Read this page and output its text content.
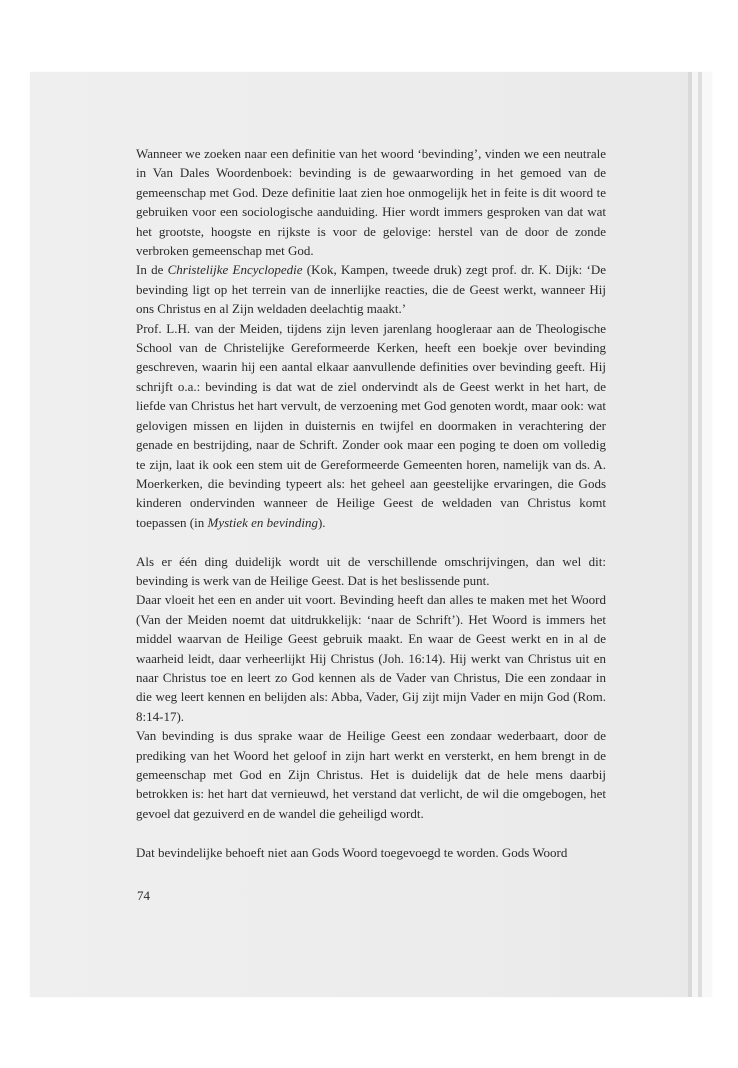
Wanneer we zoeken naar een definitie van het woord ‘bevinding’, vinden we een neutrale in Van Dales Woordenboek: bevinding is de gewaarwording in het gemoed van de gemeenschap met God. Deze definitie laat zien hoe onmogelijk het in feite is dit woord te gebruiken voor een sociologische aanduiding. Hier wordt immers gesproken van dat wat het grootste, hoogste en rijkste is voor de gelovige: herstel van de door de zonde verbroken gemeenschap met God.

In de Christelijke Encyclopedie (Kok, Kampen, tweede druk) zegt prof. dr. K. Dijk: ‘De bevinding ligt op het terrein van de innerlijke reacties, die de Geest werkt, wanneer Hij ons Christus en al Zijn weldaden deelachtig maakt.’

Prof. L.H. van der Meiden, tijdens zijn leven jarenlang hoogleraar aan de Theologische School van de Christelijke Gereformeerde Kerken, heeft een boekje over bevinding geschreven, waarin hij een aantal elkaar aanvullende definities over bevinding geeft. Hij schrijft o.a.: bevinding is dat wat de ziel ondervindt als de Geest werkt in het hart, de liefde van Christus het hart vervult, de verzoening met God genoten wordt, maar ook: wat gelovigen missen en lijden in duisternis en twijfel en doormaken in verachtering der genade en bestrijding, naar de Schrift. Zonder ook maar een poging te doen om volledig te zijn, laat ik ook een stem uit de Gereformeerde Gemeenten horen, namelijk van ds. A. Moerkerken, die bevinding typeert als: het geheel aan geestelijke ervaringen, die Gods kinderen ondervinden wanneer de Heilige Geest de weldaden van Christus komt toepassen (in Mystiek en bevinding).

Als er één ding duidelijk wordt uit de verschillende omschrijvingen, dan wel dit: bevinding is werk van de Heilige Geest. Dat is het beslissende punt.

Daar vloeit het een en ander uit voort. Bevinding heeft dan alles te maken met het Woord (Van der Meiden noemt dat uitdrukkelijk: ‘naar de Schrift’). Het Woord is immers het middel waarvan de Heilige Geest gebruik maakt. En waar de Geest werkt en in al de waarheid leidt, daar verheerlijkt Hij Christus (Joh. 16:14). Hij werkt van Christus uit en naar Christus toe en leert zo God kennen als de Vader van Christus, Die een zondaar in die weg leert kennen en belijden als: Abba, Vader, Gij zijt mijn Vader en mijn God (Rom. 8:14-17).

Van bevinding is dus sprake waar de Heilige Geest een zondaar wederbaart, door de prediking van het Woord het geloof in zijn hart werkt en versterkt, en hem brengt in de gemeenschap met God en Zijn Christus. Het is duidelijk dat de hele mens daarbij betrokken is: het hart dat vernieuwd, het verstand dat verlicht, de wil die omgebogen, het gevoel dat gezuiverd en de wandel die geheiligd wordt.

Dat bevindelijke behoeft niet aan Gods Woord toegevoegd te worden. Gods Woord

74
